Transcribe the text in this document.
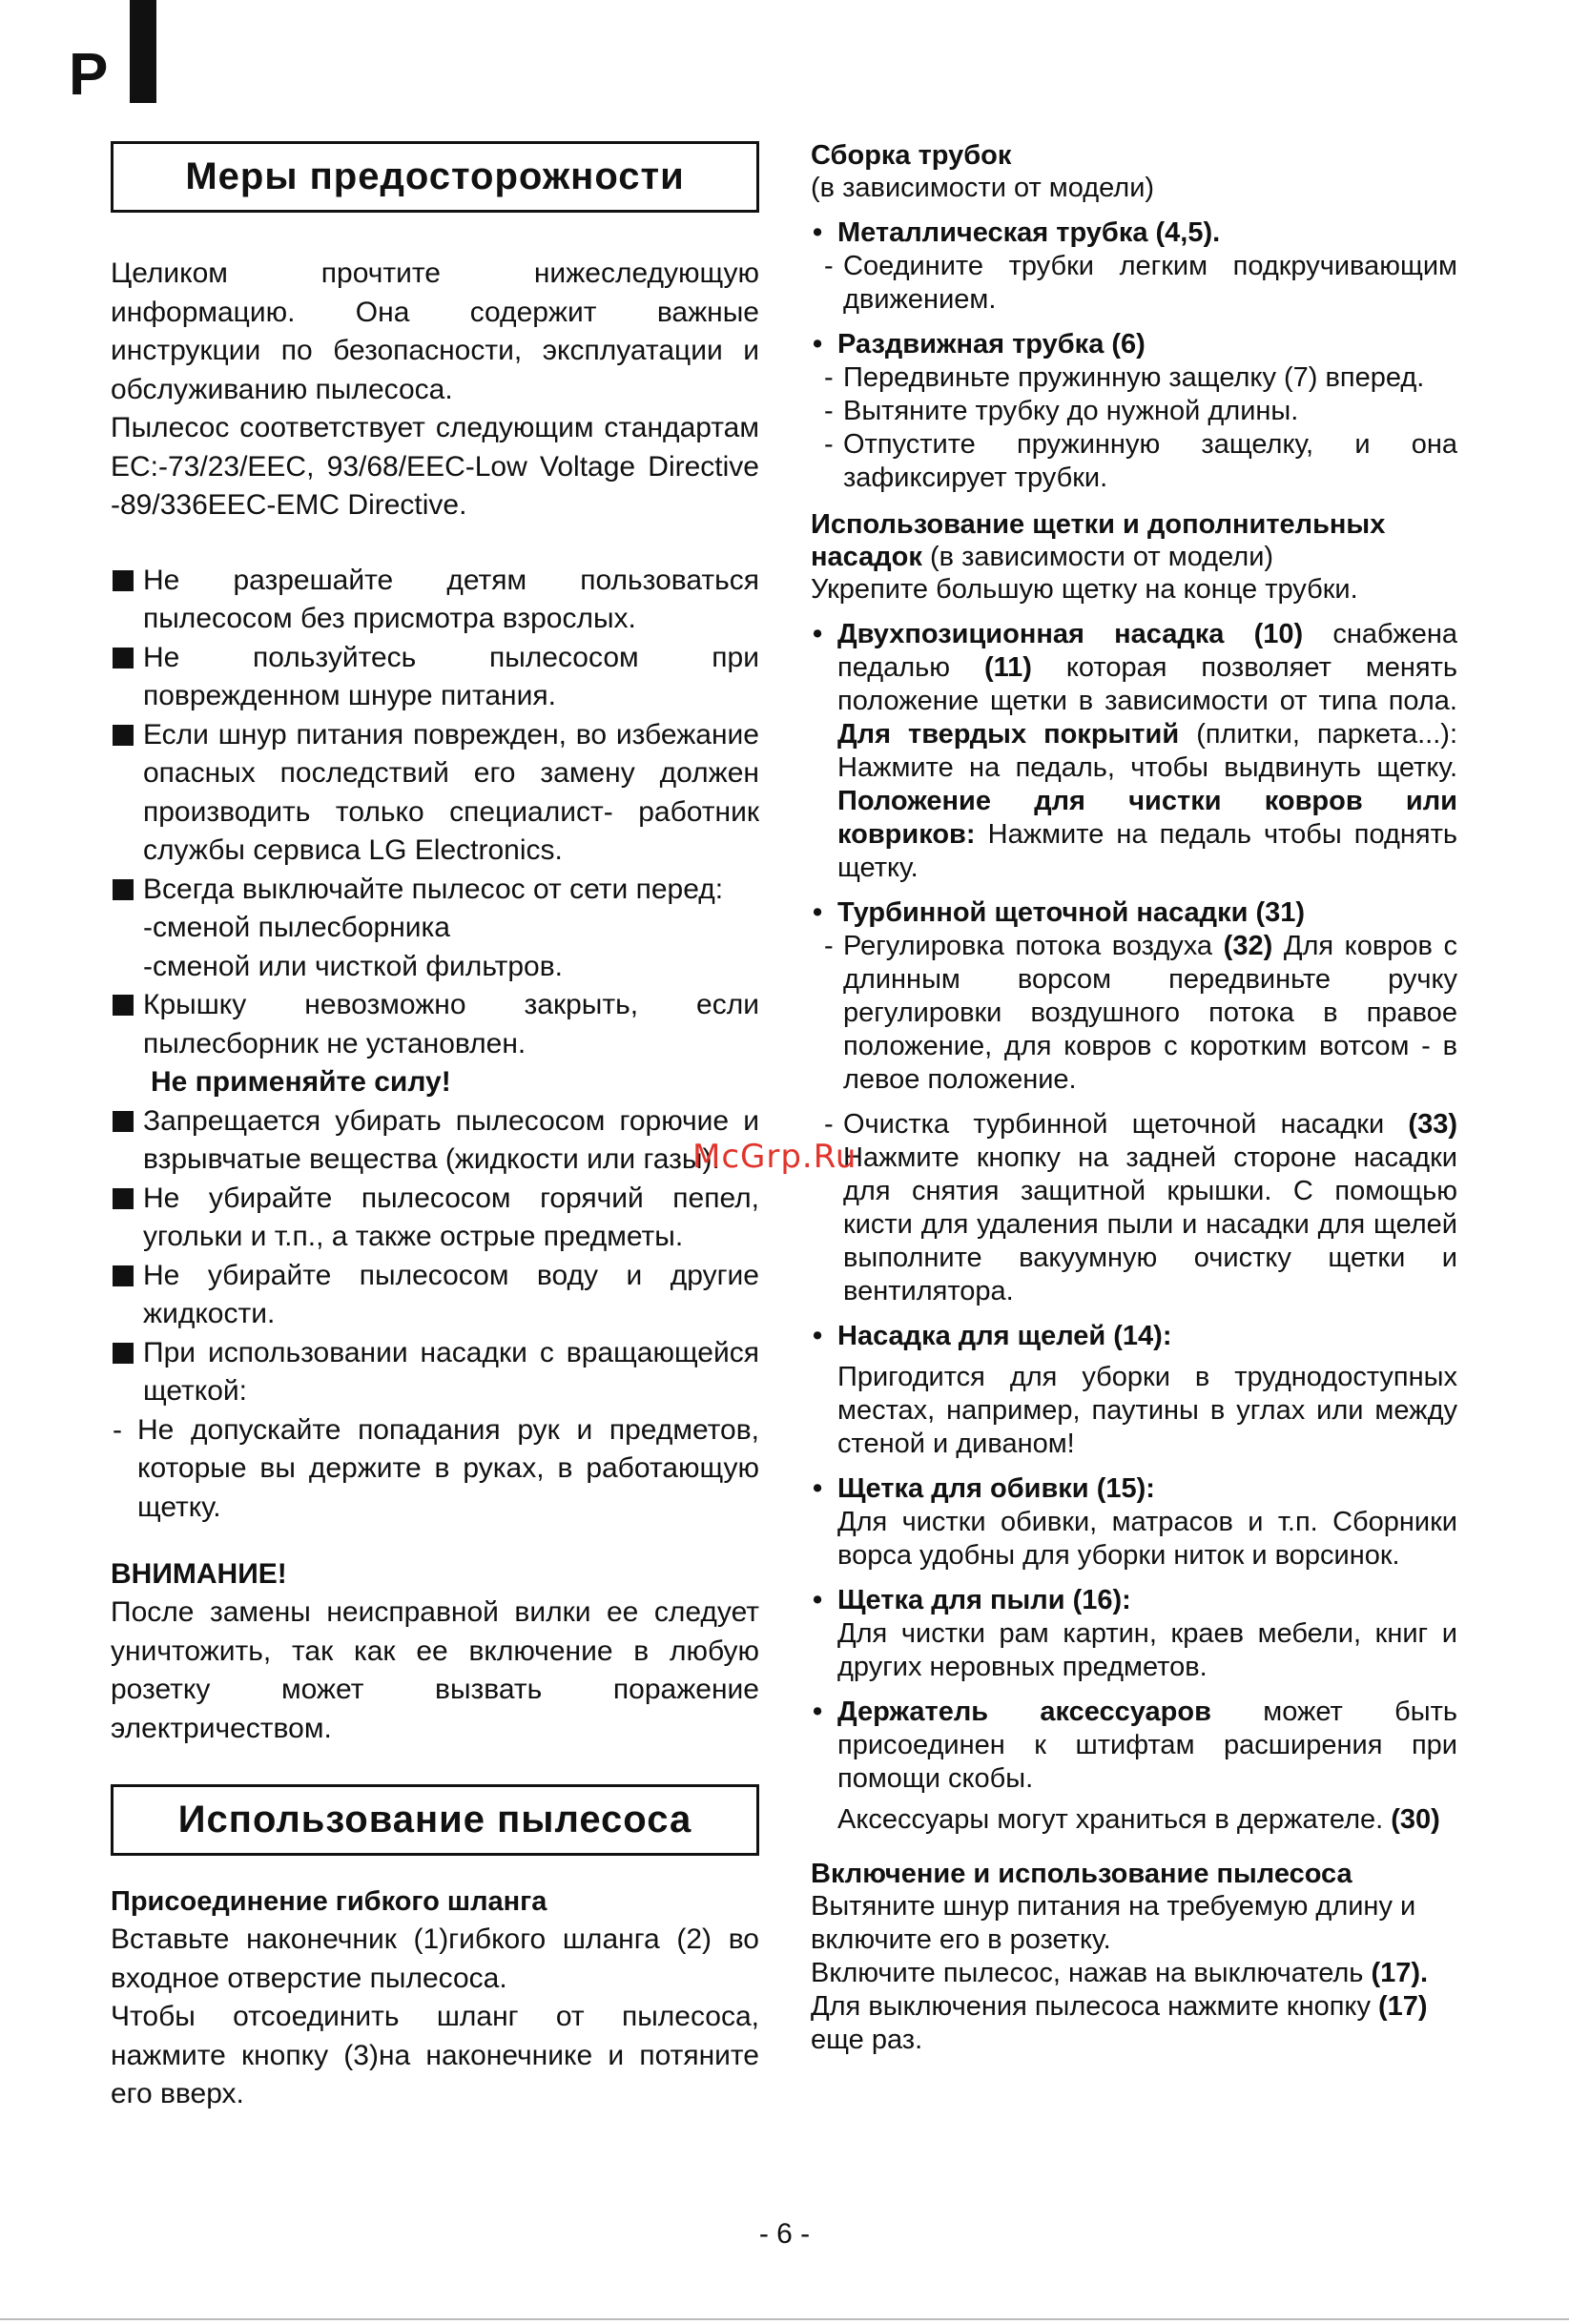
P
Меры предосторожности

Целиком прочтите нижеследующую информацию. Она содержит важные инструкции по безопасности, эксплуатации и обслуживанию пылесоса.

Пылесос соответствует следующим стандартам EC:-73/23/EEC, 93/68/EEC-Low Voltage Directive -89/336EEC-EMC Directive.

Не разрешайте детям пользоваться пылесосом без присмотра взрослых.
Не пользуйтесь пылесосом при поврежденном шнуре питания.
Если шнур питания поврежден, во избежание опасных последствий его замену должен производить только специалист- работник службы сервиса LG Electronics.
Всегда выключайте пылесос от сети перед:
-сменой пылесборника
-сменой или чисткой фильтров.
Крышку невозможно закрыть, если пылесборник не установлен.
Не применяйте силу!
Запрещается убирать пылесосом горючие и взрывчатые вещества (жидкости или газы).
Не убирайте пылесосом горячий пепел, угольки и т.п., а также острые предметы.
Не убирайте пылесосом воду и другие жидкости.
При использовании насадки с вращающейся щеткой:
- Не допускайте попадания рук и предметов, которые вы держите в руках, в работающую щетку.
ВНИМАНИЕ!

После замены неисправной вилки ее следует уничтожить, так как ее включение в любую розетку может вызвать поражение электричеством.

Использование пылесоса
Присоединение гибкого шланга

Вставьте наконечник (1)гибкого шланга (2) во входное отверстие пылесоса.

Чтобы отсоединить шланг от пылесоса, нажмите кнопку (3)на наконечнике и потяните его вверх.

Сборка трубок
(в зависимости от модели)
• Металлическая трубка (4,5).
- Соедините трубки легким подкручивающим движением.
• Раздвижная трубка (6)
- Передвиньте пружинную защелку (7) вперед.
- Вытяните трубку до нужной длины.
- Отпустите пружинную защелку, и она зафиксирует трубки.
Использование щетки и дополнительных насадок (в зависимости от модели)
Укрепите большую щетку на конце трубки.
• Двухпозиционная насадка (10) снабжена педалью (11) которая позволяет менять положение щетки в зависимости от типа пола. Для твердых покрытий (плитки, паркета...): Нажмите на педаль, чтобы выдвинуть щетку. Положение для чистки ковров или ковриков: Нажмите на педаль чтобы поднять щетку.
• Турбинной щеточной насадки (31)
- Регулировка потока воздуха (32) Для ковров с длинным ворсом передвиньте ручку регулировки воздушного потока в правое положение, для ковров с коротким вотсом - в левое положение.
- Очистка турбинной щеточной насадки (33) Нажмите кнопку на задней стороне насадки для снятия защитной крышки. С помощью кисти для удаления пыли и насадки для щелей выполните вакуумную очистку щетки и вентилятора.
• Насадка для щелей (14):
Пригодится для уборки в труднодоступных местах, например, паутины в углах или между стеной и диваном!
• Щетка для обивки (15):
Для чистки обивки, матрасов и т.п. Сборники ворса удобны для уборки ниток и ворсинок.
• Щетка для пыли (16):
Для чистки рам картин, краев мебели, книг и других неровных предметов.
• Держатель аксессуаров может быть присоединен к штифтам расширения при помощи скобы.
Аксессуары могут храниться в держателе. (30)
Включение и использование пылесоса
Вытяните шнур питания на требуемую длину и включите его в розетку.
Включите пылесос, нажав на выключатель (17). Для выключения пылесоса нажмите кнопку (17) еще раз.
McGrp.Ru
- 6 -
